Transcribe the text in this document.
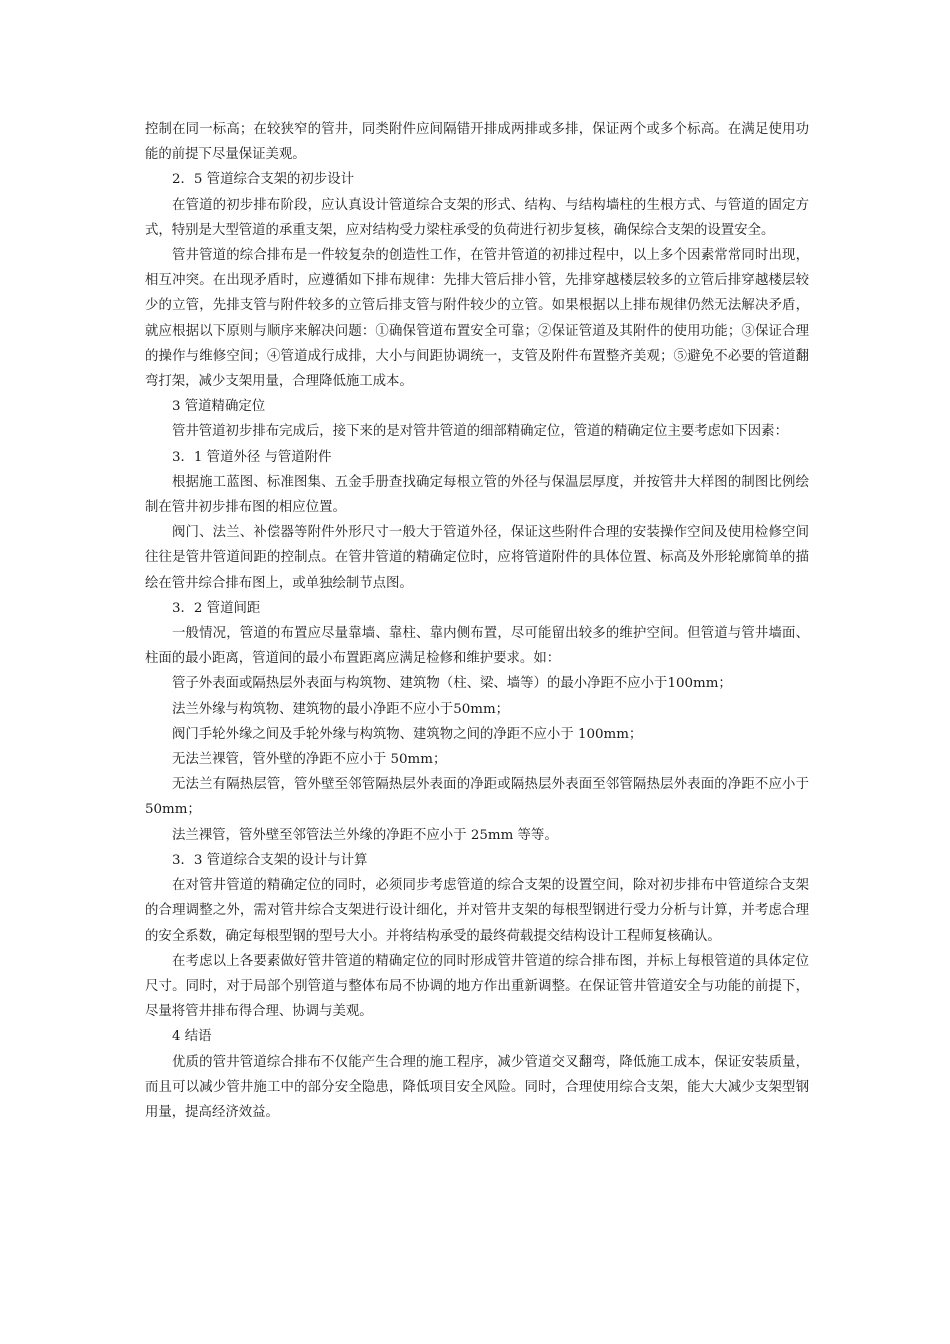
控制在同一标高；在较狭窄的管井，同类附件应间隔错开排成两排或多排，保证两个或多个标高。在满足使用功能的前提下尽量保证美观。

2．5 管道综合支架的初步设计

在管道的初步排布阶段，应认真设计管道综合支架的形式、结构、与结构墙柱的生根方式、与管道的固定方式，特别是大型管道的承重支架，应对结构受力梁柱承受的负荷进行初步复核，确保综合支架的设置安全。

管井管道的综合排布是一件较复杂的创造性工作，在管井管道的初排过程中，以上多个因素常常同时出现，相互冲突。在出现矛盾时，应遵循如下排布规律：先排大管后排小管，先排穿越楼层较多的立管后排穿越楼层较少的立管，先排支管与附件较多的立管后排支管与附件较少的立管。如果根据以上排布规律仍然无法解决矛盾，就应根据以下原则与顺序来解决问题：①确保管道布置安全可靠；②保证管道及其附件的使用功能；③保证合理的操作与维修空间；④管道成行成排，大小与间距协调统一，支管及附件布置整齐美观；⑤避免不必要的管道翻弯打架，减少支架用量，合理降低施工成本。

3 管道精确定位

管井管道初步排布完成后，接下来的是对管井管道的细部精确定位，管道的精确定位主要考虑如下因素：

3．1 管道外径 与管道附件

根据施工蓝图、标准图集、五金手册查找确定每根立管的外径与保温层厚度，并按管井大样图的制图比例绘制在管井初步排布图的相应位置。

阀门、法兰、补偿器等附件外形尺寸一般大于管道外径，保证这些附件合理的安装操作空间及使用检修空间往往是管井管道间距的控制点。在管井管道的精确定位时，应将管道附件的具体位置、标高及外形轮廓简单的描绘在管井综合排布图上，或单独绘制节点图。

3．2 管道间距

一般情况，管道的布置应尽量靠墙、靠柱、靠内侧布置，尽可能留出较多的维护空间。但管道与管井墙面、柱面的最小距离，管道间的最小布置距离应满足检修和维护要求。如：

管子外表面或隔热层外表面与构筑物、建筑物（柱、梁、墙等）的最小净距不应小于100mm；

法兰外缘与构筑物、建筑物的最小净距不应小于50mm；

阀门手轮外缘之间及手轮外缘与构筑物、建筑物之间的净距不应小于 100mm；

无法兰裸管，管外壁的净距不应小于 50mm；

无法兰有隔热层管，管外壁至邻管隔热层外表面的净距或隔热层外表面至邻管隔热层外表面的净距不应小于 50mm；

法兰裸管，管外壁至邻管法兰外缘的净距不应小于 25mm 等等。

3．3 管道综合支架的设计与计算

在对管井管道的精确定位的同时，必须同步考虑管道的综合支架的设置空间，除对初步排布中管道综合支架的合理调整之外，需对管井综合支架进行设计细化，并对管井支架的每根型钢进行受力分析与计算，并考虑合理的安全系数，确定每根型钢的型号大小。并将结构承受的最终荷载提交结构设计工程师复核确认。

在考虑以上各要素做好管井管道的精确定位的同时形成管井管道的综合排布图，并标上每根管道的具体定位尺寸。同时，对于局部个别管道与整体布局不协调的地方作出重新调整。在保证管井管道安全与功能的前提下，尽量将管井排布得合理、协调与美观。

4 结语

优质的管井管道综合排布不仅能产生合理的施工程序，减少管道交叉翻弯，降低施工成本，保证安装质量，而且可以减少管井施工中的部分安全隐患，降低项目安全风险。同时，合理使用综合支架，能大大减少支架型钢用量，提高经济效益。
